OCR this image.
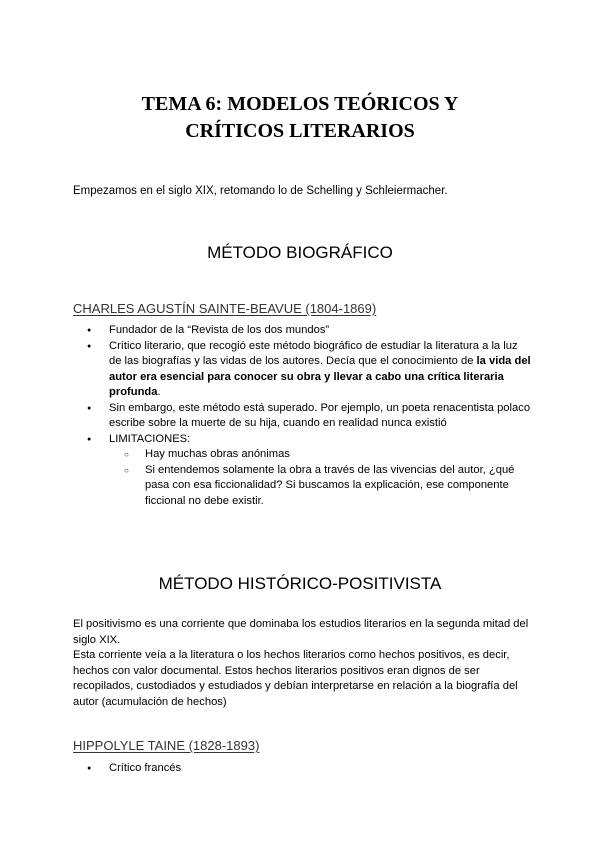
TEMA 6: MODELOS TEÓRICOS Y
CRÍTICOS LITERARIOS
Empezamos en el siglo XIX, retomando lo de Schelling y Schleiermacher.
MÉTODO BIOGRÁFICO
CHARLES AGUSTÍN SAINTE-BEAVUE (1804-1869)
● Fundador de la “Revista de los dos mundos”
● Crítico literario, que recogió este método biográfico de estudiar la literatura a la luz de las biografías y las vidas de los autores. Decía que el conocimiento de la vida del autor era esencial para conocer su obra y llevar a cabo una crítica literaria profunda.
● Sin embargo, este método está superado. Por ejemplo, un poeta renacentista polaco escribe sobre la muerte de su hija, cuando en realidad nunca existió
● LIMITACIONES:
○ Hay muchas obras anónimas
○ Si entendemos solamente la obra a través de las vivencias del autor, ¿qué pasa con esa ficcionalidad? Si buscamos la explicación, ese componente ficcional no debe existir.
MÉTODO HISTÓRICO-POSITIVISTA
El positivismo es una corriente que dominaba los estudios literarios en la segunda mitad del siglo XIX.
Esta corriente veía a la literatura o los hechos literarios como hechos positivos, es decir, hechos con valor documental. Estos hechos literarios positivos eran dignos de ser recopilados, custodiados y estudiados y debían interpretarse en relación a la biografía del autor (acumulación de hechos)
HIPPOLYLE TAINE (1828-1893)
● Crítico francés
